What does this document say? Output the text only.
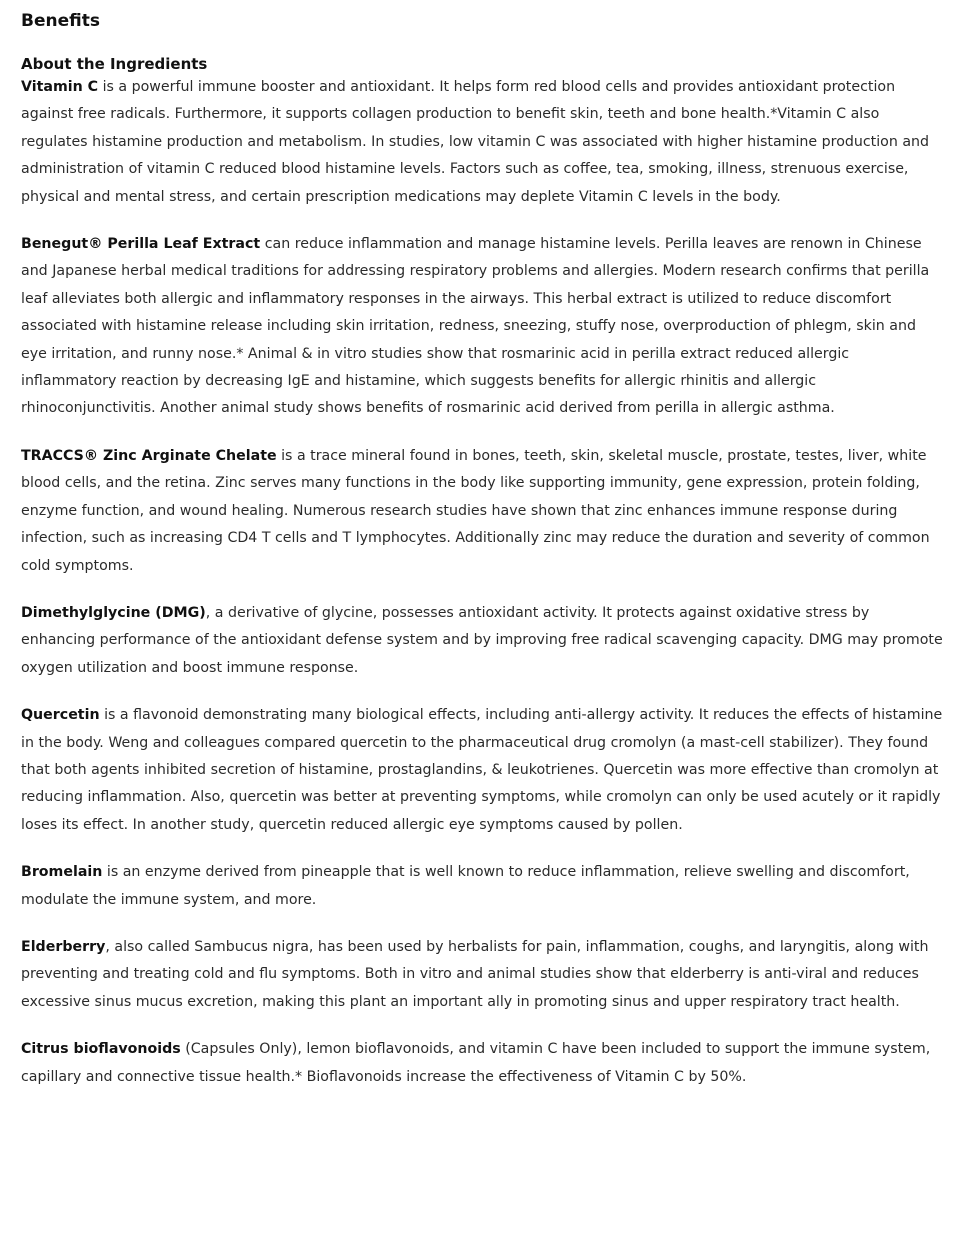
Benefits
About the Ingredients

Vitamin C is a powerful immune booster and antioxidant. It helps form red blood cells and provides antioxidant protection against free radicals. Furthermore, it supports collagen production to benefit skin, teeth and bone health.*Vitamin C also regulates histamine production and metabolism. In studies, low vitamin C was associated with higher histamine production and administration of vitamin C reduced blood histamine levels. Factors such as coffee, tea, smoking, illness, strenuous exercise, physical and mental stress, and certain prescription medications may deplete Vitamin C levels in the body.

Benegut® Perilla Leaf Extract can reduce inflammation and manage histamine levels. Perilla leaves are renown in Chinese and Japanese herbal medical traditions for addressing respiratory problems and allergies. Modern research confirms that perilla leaf alleviates both allergic and inflammatory responses in the airways. This herbal extract is utilized to reduce discomfort associated with histamine release including skin irritation, redness, sneezing, stuffy nose, overproduction of phlegm, skin and eye irritation, and runny nose.* Animal & in vitro studies show that rosmarinic acid in perilla extract reduced allergic inflammatory reaction by decreasing IgE and histamine, which suggests benefits for allergic rhinitis and allergic rhinoconjunctivitis. Another animal study shows benefits of rosmarinic acid derived from perilla in allergic asthma.

TRACCS® Zinc Arginate Chelate is a trace mineral found in bones, teeth, skin, skeletal muscle, prostate, testes, liver, white blood cells, and the retina. Zinc serves many functions in the body like supporting immunity, gene expression, protein folding, enzyme function, and wound healing. Numerous research studies have shown that zinc enhances immune response during infection, such as increasing CD4 T cells and T lymphocytes. Additionally zinc may reduce the duration and severity of common cold symptoms.

Dimethylglycine (DMG), a derivative of glycine, possesses antioxidant activity. It protects against oxidative stress by enhancing performance of the antioxidant defense system and by improving free radical scavenging capacity. DMG may promote oxygen utilization and boost immune response.

Quercetin is a flavonoid demonstrating many biological effects, including anti-allergy activity. It reduces the effects of histamine in the body. Weng and colleagues compared quercetin to the pharmaceutical drug cromolyn (a mast-cell stabilizer). They found that both agents inhibited secretion of histamine, prostaglandins, & leukotrienes. Quercetin was more effective than cromolyn at reducing inflammation. Also, quercetin was better at preventing symptoms, while cromolyn can only be used acutely or it rapidly loses its effect. In another study, quercetin reduced allergic eye symptoms caused by pollen.

Bromelain is an enzyme derived from pineapple that is well known to reduce inflammation, relieve swelling and discomfort, modulate the immune system, and more.

Elderberry, also called Sambucus nigra, has been used by herbalists for pain, inflammation, coughs, and laryngitis, along with preventing and treating cold and flu symptoms. Both in vitro and animal studies show that elderberry is anti-viral and reduces excessive sinus mucus excretion, making this plant an important ally in promoting sinus and upper respiratory tract health.

Citrus bioflavonoids (Capsules Only), lemon bioflavonoids, and vitamin C have been included to support the immune system, capillary and connective tissue health.* Bioflavonoids increase the effectiveness of Vitamin C by 50%.
